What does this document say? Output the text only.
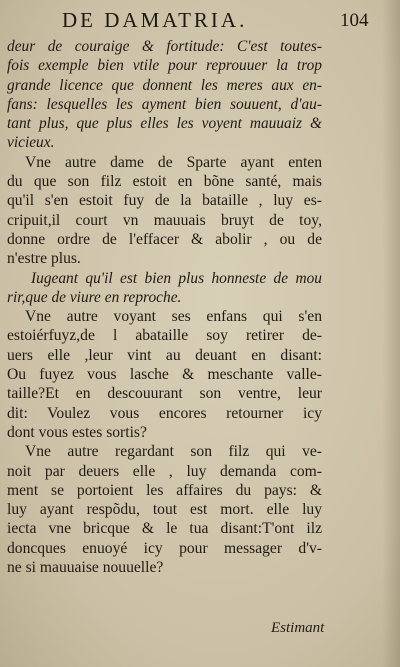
DE DAMATRIA.	104
deur de couraige & fortitude: C'est toutes-
fois exemple bien vtile pour reprouuer la trop
grande licence que donnent les meres aux en-
fans: lesquelles les ayment bien souuent, d'au-
tant plus, que plus elles les voyent mauuaiz &
vicieux.
Vne autre dame de Sparte ayant enten
du que son filz estoit en bõne santé, mais
qu'il s'en estoit fuy de la bataille , luy es-
cripuit,il court vn mauuais bruyt de toy,
donne ordre de l'effacer & abolir , ou de
n'estre plus.
Iugeant qu'il est bien plus honneste de mou
rir,que de viure en reproche.
Vne autre voyant ses enfans qui s'en
estoiérfuyz,de l abataille soy retirer de-
uers elle ,leur vint au deuant en disant:
Ou fuyez vous lasche & meschante valle-
taille?Et en descouurant son ventre, leur
dit: Voulez vous encores retourner icy
dont vous estes sortis?
Vne autre regardant son filz qui ve-
noit par deuers elle , luy demanda com-
ment se portoient les affaires du pays: &
luy ayant respõdu, tout est mort. elle luy
iecta vne bricque & le tua disant:T'ont ilz
doncques enuoyé icy pour messager d'v-
ne si mauuaise nouuelle?
Estimant
